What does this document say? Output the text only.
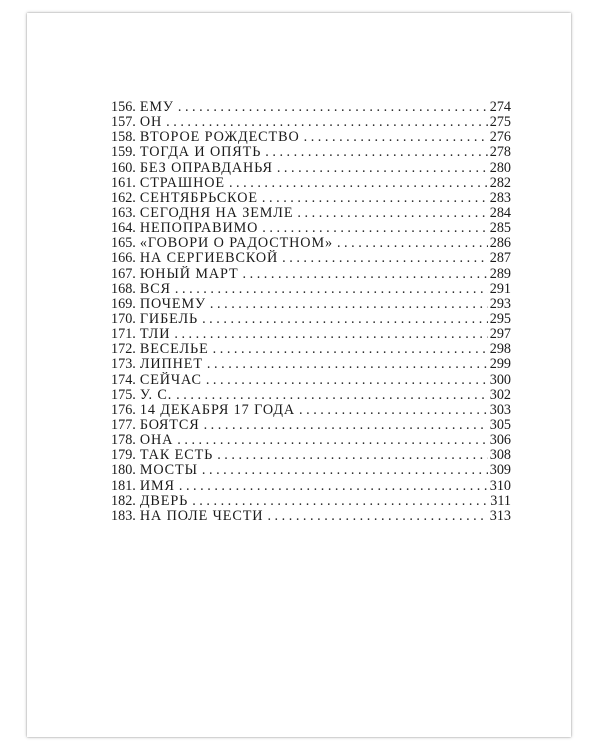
156. ЕМУ . . .	274
157. ОН . . .	275
158. ВТОРОЕ РОЖДЕСТВО . . .	276
159. ТОГДА И ОПЯТЬ . . .	278
160. БЕЗ ОПРАВДАНЬЯ . . .	280
161. СТРАШНОЕ . . .	282
162. СЕНТЯБРЬСКОЕ . . .	283
163. СЕГОДНЯ НА ЗЕМЛЕ . . .	284
164. НЕПОПРАВИМО . . .	285
165. «ГОВОРИ О РАДОСТНОМ» . . .	286
166. НА СЕРГИЕВСКОЙ . . .	287
167. ЮНЫЙ МАРТ . . .	289
168. ВСЯ . . .	291
169. ПОЧЕМУ . . .	293
170. ГИБЕЛЬ . . .	295
171. ТЛИ . . .	297
172. ВЕСЕЛЬЕ . . .	298
173. ЛИПНЕТ . . .	299
174. СЕЙЧАС . . .	300
175. У. С. . . .	302
176. 14 ДЕКАБРЯ 17 ГОДА . . .	303
177. БОЯТСЯ . . .	305
178. ОНА . . .	306
179. ТАК ЕСТЬ . . .	308
180. МОСТЫ . . .	309
181. ИМЯ . . .	310
182. ДВЕРЬ . . .	311
183. НА ПОЛЕ ЧЕСТИ . . .	313
